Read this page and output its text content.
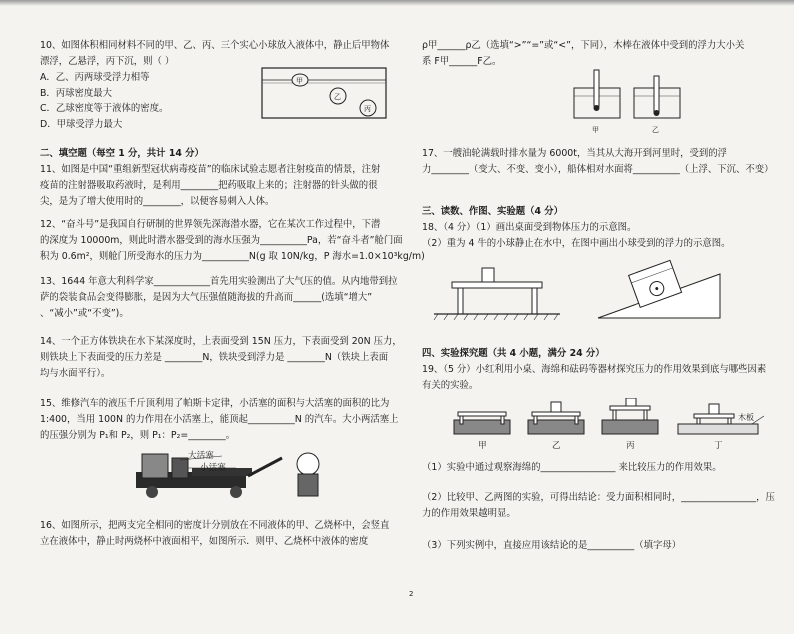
10、如图体积相同材料不同的甲、乙、丙、三个实心小球放入液体中，静止后甲物体
漂浮，乙悬浮，丙下沉，则（ ）
A．乙、丙两球受浮力相等
B．丙球密度最大
C．乙球密度等于液体的密度。
D．甲球受浮力最大
甲
乙
丙
二、填空题（每空 1 分，共计 14 分）
11、如图是中国“重组新型冠状病毒疫苗”的临床试验志愿者注射疫苗的情景，注射
疫苗的注射器吸取药液时，是利用________把药吸取上来的；注射器的针头做的很
尖，是为了增大使用时的________，以便容易刺入人体。
12、“奋斗号”是我国自行研制的世界领先深海潜水器，它在某次工作过程中，下潜
的深度为 10000m，则此时潜水器受到的海水压强为__________Pa，若“奋斗者”舱门面
积为 0.6m²，则舱门所受海水的压力为__________N(g 取 10N/kg，P 海水=1.0×10³kg/m)
13、1644 年意大利科学家____________首先用实验测出了大气压的值。从内地带到拉
萨的袋装食品会变得膨胀，是因为大气压强值随海拔的升高而______(选填“增大”
、“减小”或“不变”)。
14、一个正方体铁块在水下某深度时，上表面受到 15N 压力，下表面受到 20N 压力，
则铁块上下表面受的压力差是 ________N，铁块受到浮力是 ________N（铁块上表面
均与水面平行）。
15、维修汽车的液压千斤顶利用了帕斯卡定律，小活塞的面积与大活塞的面积的比为
1:400，当用 100N 的力作用在小活塞上，能顶起__________N 的汽车。大小两活塞上
的压强分别为 P₁和 P₂，则 P₁：P₂=________。
大活塞
小活塞
16、如图所示，把两支完全相同的密度计分别放在不同液体的甲、乙烧杯中，会竖直
立在液体中，静止时两烧杯中液面相平，如图所示．则甲、乙烧杯中液体的密度
ρ甲______ρ乙（选填“>”“=”或“<”，下同），木棒在液体中受到的浮力大小关
系 F甲______F乙。
甲	乙
17、一艘油轮满载时排水量为 6000t，当其从大海开到河里时，受到的浮
力________（变大、不变、变小），船体相对水面将__________（上浮、下沉、不变）
三、读数、作图、实验题（4 分）
18、（4 分）（1）画出桌面受到物体压力的示意图。
（2）重为 4 牛的小球静止在水中，在图中画出小球受到的浮力的示意图。
四、实验探究题（共 4 小题，满分 24 分）
19、（5 分）小红利用小桌、海绵和砝码等器材探究压力的作用效果到底与哪些因素
有关的实验。
甲	乙	丙	丁
木板
（1）实验中通过观察海绵的________________ 来比较压力的作用效果。
（2）比较甲、乙两图的实验，可得出结论：受力面积相同时，________________，压
力的作用效果越明显。
（3）下列实例中，直接应用该结论的是__________（填字母）
2
